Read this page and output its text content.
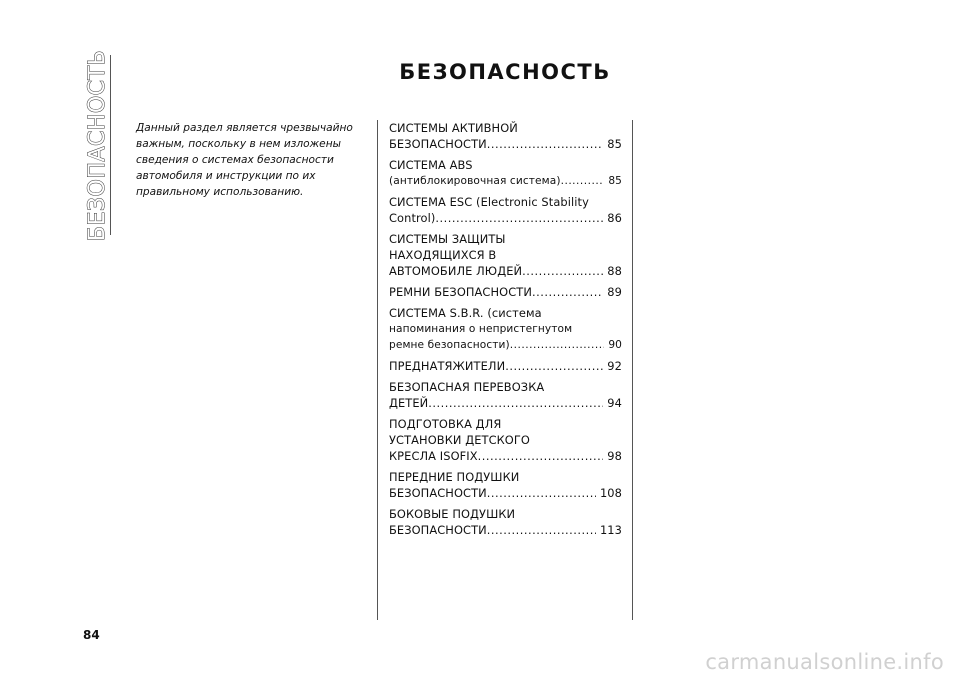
БЕЗОПАСНОСТЬ	БЕЗОПАСНОСТЬ
Данный раздел является чрезвычайно
важным, поскольку в нем изложены
сведения о системах безопасности
автомобиля и инструкции по их
правильному использованию.
СИСТЕМЫ АКТИВНОЙ
БЕЗОПАСНОСТИ .....	85
СИСТЕМА ABS
(антиблокировочная система) .....	85
СИСТЕМА ESC (Electronic Stability
Control) .....	86
СИСТЕМЫ ЗАЩИТЫ
НАХОДЯЩИХСЯ В
АВТОМОБИЛЕ ЛЮДЕЙ .....	88
РЕМНИ БЕЗОПАСНОСТИ .....	89
СИСТЕМА S.B.R. (система
напоминания о непристегнутом
ремне безопасности) .....	90
ПРЕДНАТЯЖИТЕЛИ .....	92
БЕЗОПАСНАЯ ПЕРЕВОЗКА
ДЕТЕЙ .....	94
ПОДГОТОВКА ДЛЯ
УСТАНОВКИ ДЕТСКОГО
КРЕСЛА ISOFIX .....	98
ПЕРЕДНИЕ ПОДУШКИ
БЕЗОПАСНОСТИ .....	108
БОКОВЫЕ ПОДУШКИ
БЕЗОПАСНОСТИ .....	113
84
carmanualsonline.info
